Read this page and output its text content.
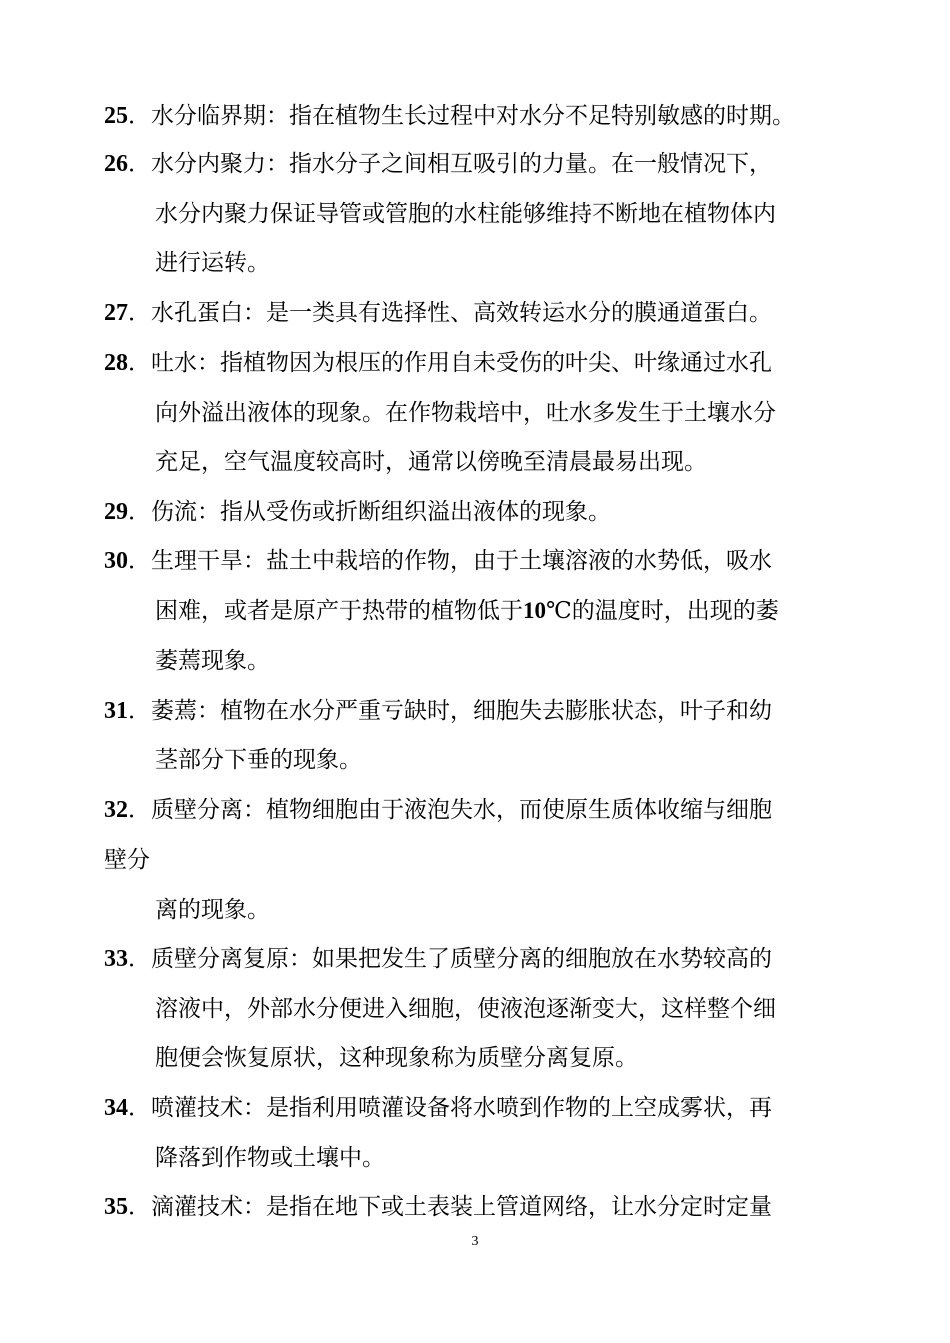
25．水分临界期：指在植物生长过程中对水分不足特别敏感的时期。
26．水分内聚力：指水分子之间相互吸引的力量。在一般情况下，
水分内聚力保证导管或管胞的水柱能够维持不断地在植物体内
进行运转。
27．水孔蛋白：是一类具有选择性、高效转运水分的膜通道蛋白。
28．吐水：指植物因为根压的作用自未受伤的叶尖、叶缘通过水孔
向外溢出液体的现象。在作物栽培中，吐水多发生于土壤水分
充足，空气温度较高时，通常以傍晚至清晨最易出现。
29．伤流：指从受伤或折断组织溢出液体的现象。
30．生理干旱：盐土中栽培的作物，由于土壤溶液的水势低，吸水
困难，或者是原产于热带的植物低于10℃的温度时，出现的萎
萎蔫现象。
31．萎蔫：植物在水分严重亏缺时，细胞失去膨胀状态，叶子和幼
茎部分下垂的现象。
32．质壁分离：植物细胞由于液泡失水，而使原生质体收缩与细胞
壁分
离的现象。
33．质壁分离复原：如果把发生了质壁分离的细胞放在水势较高的
溶液中，外部水分便进入细胞，使液泡逐渐变大，这样整个细
胞便会恢复原状，这种现象称为质壁分离复原。
34．喷灌技术：是指利用喷灌设备将水喷到作物的上空成雾状，再
降落到作物或土壤中。
35．滴灌技术：是指在地下或土表装上管道网络，让水分定时定量
3
